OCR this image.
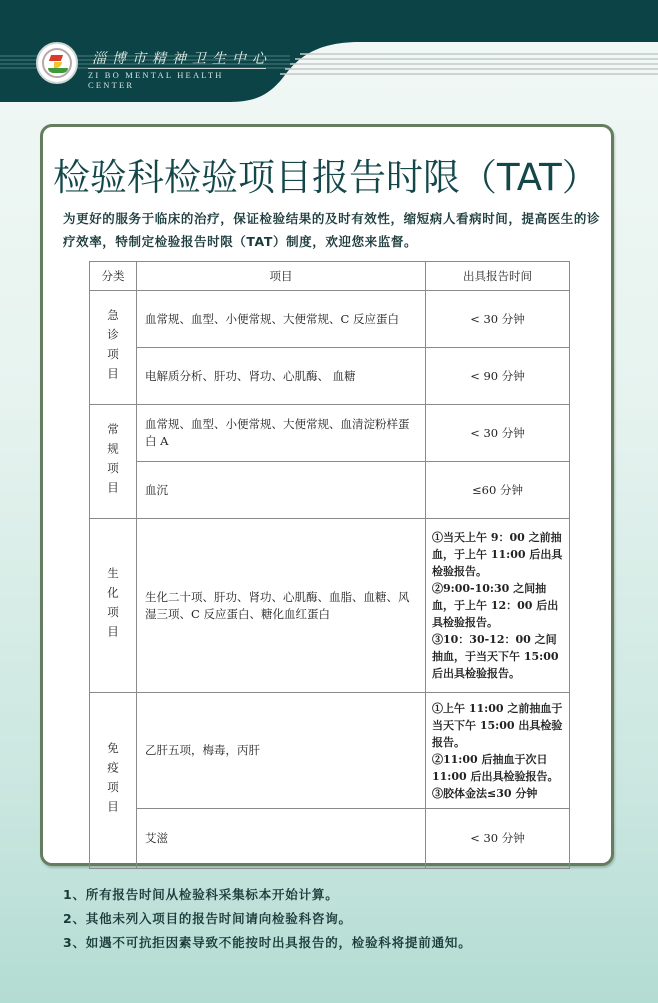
淄博市精神卫生中心
ZI BO MENTAL HEALTH CENTER
检验科检验项目报告时限（TAT）
为更好的服务于临床的治疗，保证检验结果的及时有效性，缩短病人看病时间，提高医生的诊疗效率，特制定检验报告时限（TAT）制度，欢迎您来监督。
分类	项目	出具报告时间
急诊项目	血常规、血型、小便常规、大便常规、C 反应蛋白	< 30 分钟
	电解质分析、肝功、肾功、心肌酶、 血糖	< 90 分钟
常规项目	血常规、血型、小便常规、大便常规、血清淀粉样蛋白 A	< 30 分钟
	血沉	≤60 分钟
生化项目	生化二十项、肝功、肾功、心肌酶、血脂、血糖、风湿三项、C 反应蛋白、糖化血红蛋白	①当天上午 9：00 之前抽血，于上午 11:00 后出具检验报告。
②9:00-10:30 之间抽血，于上午 12：00 后出具检验报告。
③10：30-12：00 之间抽血，于当天下午 15:00 后出具检验报告。

免疫项目	乙肝五项，梅毒，丙肝	①上午 11:00 之前抽血于当天下午 15:00 出具检验报告。
②11:00 后抽血于次日 11:00 后出具检验报告。
③胶体金法≤30 分钟

	艾滋	< 30 分钟
1、所有报告时间从检验科采集标本开始计算。
2、其他未列入项目的报告时间请向检验科咨询。
3、如遇不可抗拒因素导致不能按时出具报告的，检验科将提前通知。
